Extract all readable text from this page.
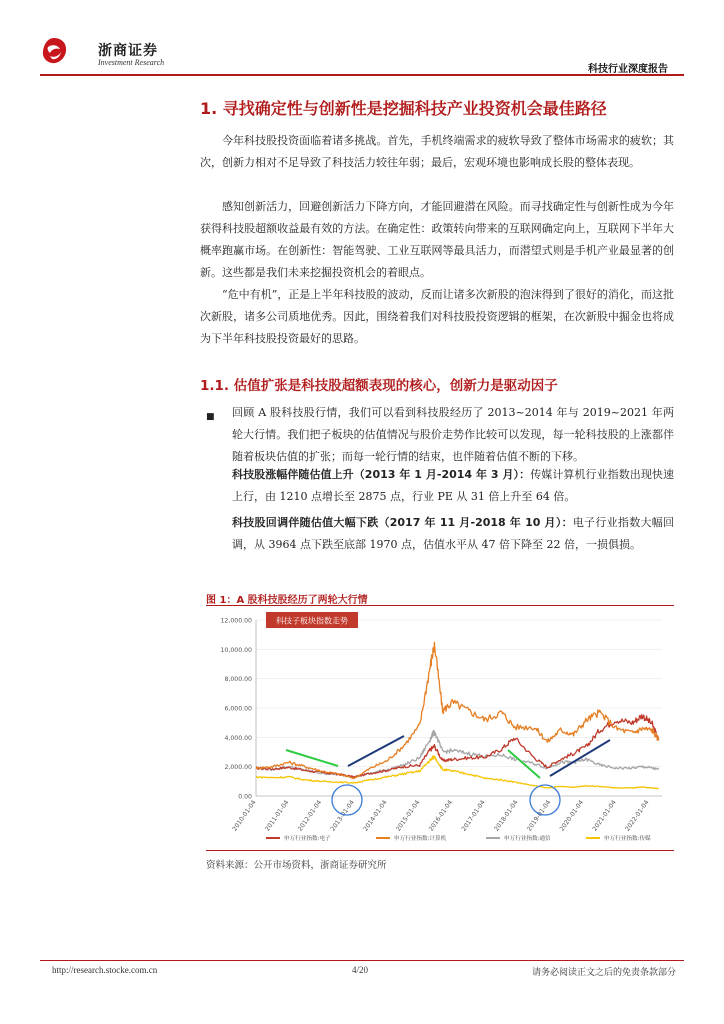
浙商证券
Investment Research
科技行业深度报告
1. 寻找确定性与创新性是挖掘科技产业投资机会最佳路径

今年科技股投资面临着诸多挑战。首先，手机终端需求的疲软导致了整体市场需求的疲软；其次，创新力相对不足导致了科技活力较往年弱；最后，宏观环境也影响成长股的整体表现。

感知创新活力，回避创新活力下降方向，才能回避潜在风险。而寻找确定性与创新性成为今年获得科技股超额收益最有效的方法。在确定性：政策转向带来的互联网确定向上，互联网下半年大概率跑赢市场。在创新性：智能驾驶、工业互联网等最具活力，而潜望式则是手机产业最显著的创新。这些都是我们未来挖掘投资机会的着眼点。

“危中有机”，正是上半年科技股的波动，反而让诸多次新股的泡沫得到了很好的消化，而这批次新股，诸多公司质地优秀。因此，围绕着我们对科技股投资逻辑的框架，在次新股中掘金也将成为下半年科技股投资最好的思路。

1.1. 估值扩张是科技股超额表现的核心，创新力是驱动因子
■ 回顾 A 股科技股行情，我们可以看到科技股经历了 2013~2014 年与 2019~2021 年两轮大行情。我们把子板块的估值情况与股价走势作比较可以发现，每一轮科技股的上涨都伴随着板块估值的扩张；而每一轮行情的结束，也伴随着估值不断的下移。

科技股涨幅伴随估值上升（2013 年 1 月-2014 年 3 月）：传媒计算机行业指数出现快速上行，由 1210 点增长至 2875 点，行业 PE 从 31 倍上升至 64 倍。

科技股回调伴随估值大幅下跌（2017 年 11 月-2018 年 10 月）：电子行业指数大幅回调，从 3964 点下跌至底部 1970 点，估值水平从 47 倍下降至 22 倍，一损俱损。

图 1：A 股科技股经历了两轮大行情
12,000.00
10,000.00
8,000.00
6,000.00
4,000.00
2,000.00
0.00
2010-01-04 2011-01-04 2012-01-04 2013-01-04 2014-01-04 2015-01-04 2016-01-04 2017-01-04 2018-01-04 2019-01-04 2020-01-04 2021-01-04 2022-01-04
科技子板块指数走势
申万行业指数:电子	申万行业指数:计算机	申万行业指数:通信	申万行业指数:传媒
资料来源：公开市场资料，浙商证券研究所
http://research.stocke.com.cn	4/20	请务必阅读正文之后的免责条款部分
